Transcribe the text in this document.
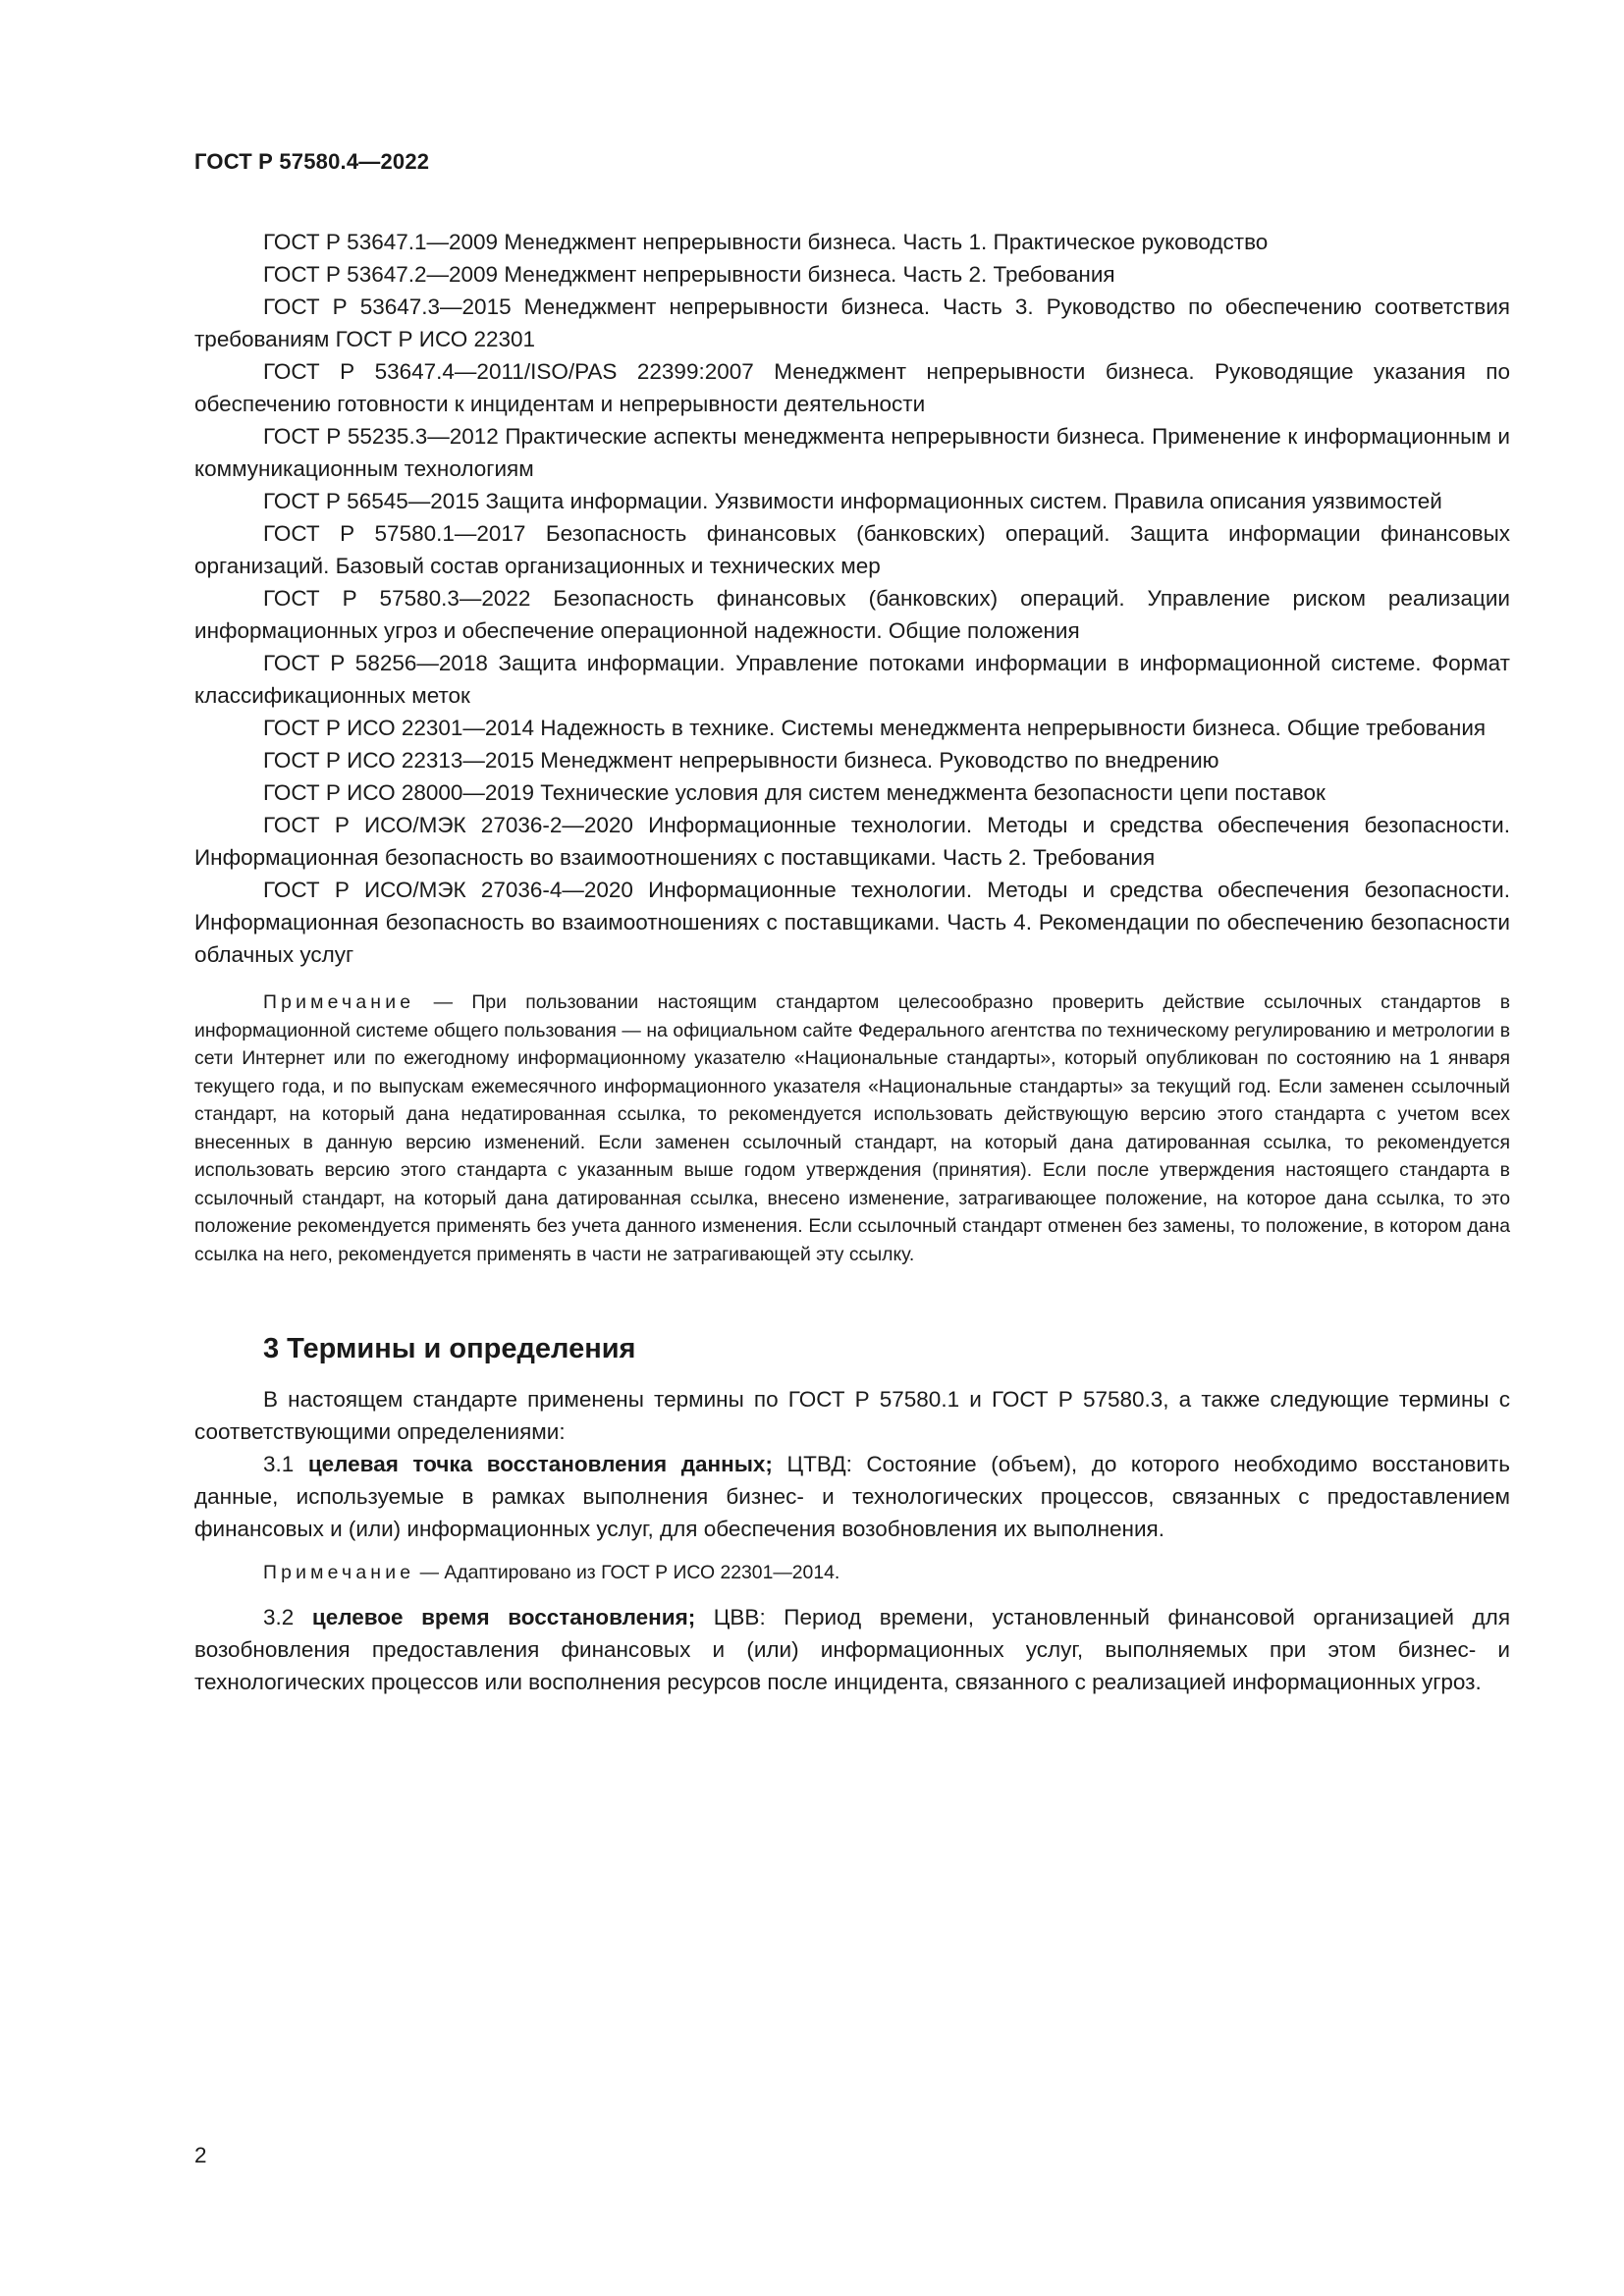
ГОСТ Р 57580.4—2022

ГОСТ Р 53647.1—2009 Менеджмент непрерывности бизнеса. Часть 1. Практическое руководство

ГОСТ Р 53647.2—2009 Менеджмент непрерывности бизнеса. Часть 2. Требования

ГОСТ Р 53647.3—2015 Менеджмент непрерывности бизнеса. Часть 3. Руководство по обеспечению соответствия требованиям ГОСТ Р ИСО 22301

ГОСТ Р 53647.4—2011/ISO/PAS 22399:2007 Менеджмент непрерывности бизнеса. Руководящие указания по обеспечению готовности к инцидентам и непрерывности деятельности

ГОСТ Р 55235.3—2012 Практические аспекты менеджмента непрерывности бизнеса. Применение к информационным и коммуникационным технологиям

ГОСТ Р 56545—2015 Защита информации. Уязвимости информационных систем. Правила описания уязвимостей

ГОСТ Р 57580.1—2017 Безопасность финансовых (банковских) операций. Защита информации финансовых организаций. Базовый состав организационных и технических мер

ГОСТ Р 57580.3—2022 Безопасность финансовых (банковских) операций. Управление риском реализации информационных угроз и обеспечение операционной надежности. Общие положения

ГОСТ Р 58256—2018 Защита информации. Управление потоками информации в информационной системе. Формат классификационных меток

ГОСТ Р ИСО 22301—2014 Надежность в технике. Системы менеджмента непрерывности бизнеса. Общие требования

ГОСТ Р ИСО 22313—2015 Менеджмент непрерывности бизнеса. Руководство по внедрению

ГОСТ Р ИСО 28000—2019 Технические условия для систем менеджмента безопасности цепи поставок

ГОСТ Р ИСО/МЭК 27036-2—2020 Информационные технологии. Методы и средства обеспечения безопасности. Информационная безопасность во взаимоотношениях с поставщиками. Часть 2. Требования

ГОСТ Р ИСО/МЭК 27036-4—2020 Информационные технологии. Методы и средства обеспечения безопасности. Информационная безопасность во взаимоотношениях с поставщиками. Часть 4. Рекомендации по обеспечению безопасности облачных услуг

Примечание — При пользовании настоящим стандартом целесообразно проверить действие ссылочных стандартов в информационной системе общего пользования — на официальном сайте Федерального агентства по техническому регулированию и метрологии в сети Интернет или по ежегодному информационному указателю «Национальные стандарты», который опубликован по состоянию на 1 января текущего года, и по выпускам ежемесячного информационного указателя «Национальные стандарты» за текущий год. Если заменен ссылочный стандарт, на который дана недатированная ссылка, то рекомендуется использовать действующую версию этого стандарта с учетом всех внесенных в данную версию изменений. Если заменен ссылочный стандарт, на который дана датированная ссылка, то рекомендуется использовать версию этого стандарта с указанным выше годом утверждения (принятия). Если после утверждения настоящего стандарта в ссылочный стандарт, на который дана датированная ссылка, внесено изменение, затрагивающее положение, на которое дана ссылка, то это положение рекомендуется применять без учета данного изменения. Если ссылочный стандарт отменен без замены, то положение, в котором дана ссылка на него, рекомендуется применять в части не затрагивающей эту ссылку.

3 Термины и определения

В настоящем стандарте применены термины по ГОСТ Р 57580.1 и ГОСТ Р 57580.3, а также следующие термины с соответствующими определениями:

3.1 целевая точка восстановления данных; ЦТВД: Состояние (объем), до которого необходимо восстановить данные, используемые в рамках выполнения бизнес- и технологических процессов, связанных с предоставлением финансовых и (или) информационных услуг, для обеспечения возобновления их выполнения.

Примечание — Адаптировано из ГОСТ Р ИСО 22301—2014.

3.2 целевое время восстановления; ЦВВ: Период времени, установленный финансовой организацией для возобновления предоставления финансовых и (или) информационных услуг, выполняемых при этом бизнес- и технологических процессов или восполнения ресурсов после инцидента, связанного с реализацией информационных угроз.

2
